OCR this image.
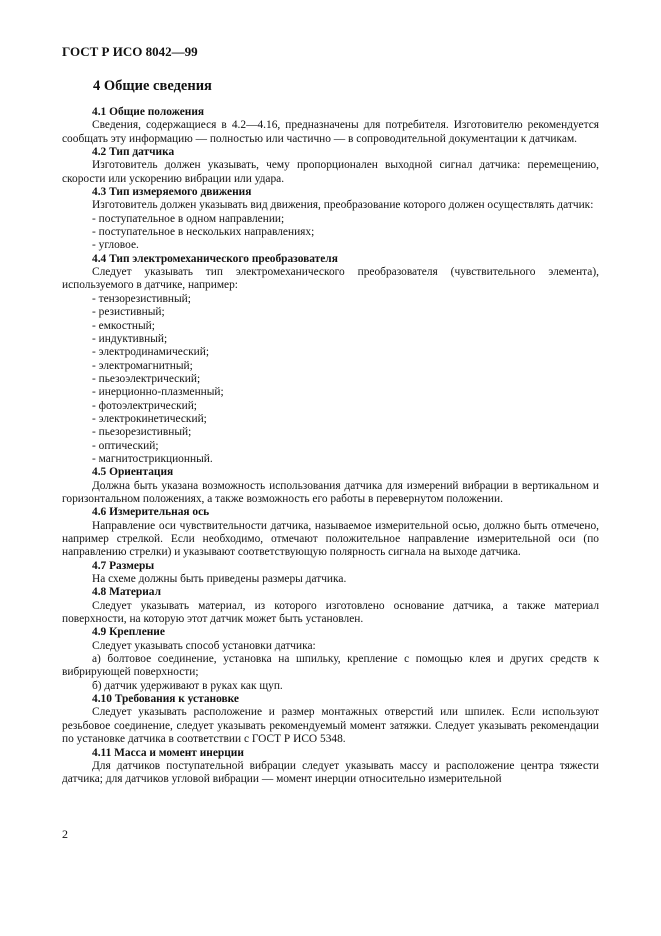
ГОСТ Р ИСО 8042—99
4 Общие сведения

4.1 Общие положения

Сведения, содержащиеся в 4.2—4.16, предназначены для потребителя. Изготовителю рекомендуется сообщать эту информацию — полностью или частично — в сопроводительной документации к датчикам.

4.2 Тип датчика

Изготовитель должен указывать, чему пропорционален выходной сигнал датчика: перемещению, скорости или ускорению вибрации или удара.

4.3 Тип измеряемого движения

Изготовитель должен указывать вид движения, преобразование которого должен осуществлять датчик:

- поступательное в одном направлении;

- поступательное в нескольких направлениях;

- угловое.

4.4 Тип электромеханического преобразователя

Следует указывать тип электромеханического преобразователя (чувствительного элемента), используемого в датчике, например:

- тензорезистивный;

- резистивный;

- емкостный;

- индуктивный;

- электродинамический;

- электромагнитный;

- пьезоэлектрический;

- инерционно-плазменный;

- фотоэлектрический;

- электрокинетический;

- пьезорезистивный;

- оптический;

- магнитострикционный.

4.5 Ориентация

Должна быть указана возможность использования датчика для измерений вибрации в вертикальном и горизонтальном положениях, а также возможность его работы в перевернутом положении.

4.6 Измерительная ось

Направление оси чувствительности датчика, называемое измерительной осью, должно быть отмечено, например стрелкой. Если необходимо, отмечают положительное направление измерительной оси (по направлению стрелки) и указывают соответствующую полярность сигнала на выходе датчика.

4.7 Размеры

На схеме должны быть приведены размеры датчика.

4.8 Материал

Следует указывать материал, из которого изготовлено основание датчика, а также материал поверхности, на которую этот датчик может быть установлен.

4.9 Крепление

Следует указывать способ установки датчика:

а) болтовое соединение, установка на шпильку, крепление с помощью клея и других средств к вибрирующей поверхности;

б) датчик удерживают в руках как щуп.

4.10 Требования к установке

Следует указывать расположение и размер монтажных отверстий или шпилек. Если используют резьбовое соединение, следует указывать рекомендуемый момент затяжки. Следует указывать рекомендации по установке датчика в соответствии с ГОСТ Р ИСО 5348.

4.11 Масса и момент инерции

Для датчиков поступательной вибрации следует указывать массу и расположение центра тяжести датчика; для датчиков угловой вибрации — момент инерции относительно измерительной

2
